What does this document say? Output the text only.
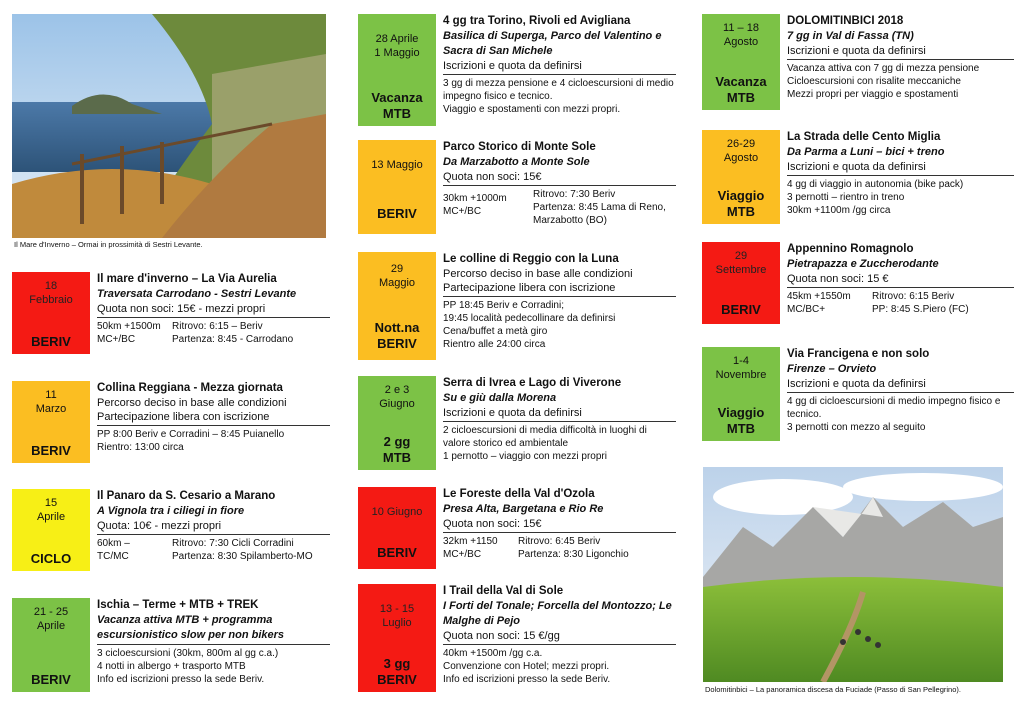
Il Mare d'Inverno – Ormai in prossimità di Sestri Levante.
Dolomitinbici – La panoramica discesa da Fuciade (Passo di San Pellegrino).
18
Febbraio
BERIV
Il mare d'inverno – La Via Aurelia
Traversata Carrodano - Sestri Levante
Quota non soci: 15€ - mezzi propri
50km +1500m
MC+/BC
Ritrovo: 6:15 – Beriv
Partenza: 8:45 - Carrodano
11
Marzo
BERIV
Collina Reggiana - Mezza giornata
Percorso deciso in base alle condizioni
Partecipazione libera con iscrizione
PP 8:00 Beriv e Corradini – 8:45 Puianello
Rientro: 13:00 circa
15
Aprile
CICLO
Il Panaro da S. Cesario a Marano
A Vignola tra i ciliegi in fiore
Quota: 10€ - mezzi propri
60km –
TC/MC
Ritrovo: 7:30 Cicli Corradini
Partenza: 8:30 Spilamberto-MO
21 - 25
Aprile
BERIV
Ischia – Terme + MTB + TREK
Vacanza attiva MTB + programma escursionistico slow per non bikers
3 cicloescursioni (30km, 800m al gg c.a.)
4 notti in albergo + trasporto MTB
Info ed iscrizioni presso la sede Beriv.
28 Aprile
1 Maggio
Vacanza
MTB
4 gg tra Torino, Rivoli ed Avigliana
Basilica di Superga, Parco del Valentino e Sacra di San Michele
Iscrizioni e quota da definirsi
3 gg di mezza pensione e 4 cicloescursioni di medio impegno fisico e tecnico.
Viaggio e spostamenti con mezzi propri.
13 Maggio
BERIV
Parco Storico di Monte Sole
Da Marzabotto a Monte Sole
Quota non soci: 15€
30km +1000m
MC+/BC
Ritrovo: 7:30 Beriv
Partenza: 8:45 Lama di Reno, Marzabotto (BO)
29
Maggio
Nott.na
BERIV
Le colline di Reggio con la Luna
Percorso deciso in base alle condizioni
Partecipazione libera con iscrizione
PP 18:45 Beriv e Corradini;
19:45 località pedecollinare da definirsi
Cena/buffet a metà giro
Rientro alle 24:00 circa
2 e 3
Giugno
2 gg
MTB
Serra di Ivrea e Lago di Viverone
Su e giù dalla Morena
Iscrizioni e quota da definirsi
2 cicloescursioni di media difficoltà in luoghi di valore storico ed ambientale
1 pernotto – viaggio con mezzi propri
10 Giugno
BERIV
Le Foreste della Val d'Ozola
Presa Alta, Bargetana e Rio Re
Quota non soci: 15€
32km +1150
MC+/BC
Ritrovo: 6:45 Beriv
Partenza: 8:30 Ligonchio
13 - 15
Luglio
3 gg
BERIV
I Trail della Val di Sole
I Forti del Tonale; Forcella del Montozzo; Le Malghe di Pejo
Quota non soci: 15 €/gg
40km +1500m /gg c.a.
Convenzione con Hotel; mezzi propri.
Info ed iscrizioni presso la sede Beriv.
11 – 18
Agosto
Vacanza
MTB
DOLOMITINBICI 2018
7 gg in Val di Fassa (TN)
Iscrizioni e quota da definirsi
Vacanza attiva con 7 gg di mezza pensione
Cicloescursioni con risalite meccaniche
Mezzi propri per viaggio e spostamenti
26-29
Agosto
Viaggio
MTB
La Strada delle Cento Miglia
Da Parma a Luni – bici + treno
Iscrizioni e quota da definirsi
4 gg di viaggio in autonomia (bike pack)
3 pernotti – rientro in treno
30km +1100m /gg circa
29
Settembre
BERIV
Appennino Romagnolo
Pietrapazza e Zuccherodante
Quota non soci: 15 €
45km +1550m
MC/BC+
Ritrovo: 6:15 Beriv
PP: 8:45 S.Piero (FC)
1-4
Novembre
Viaggio
MTB
Via Francigena e non solo
Firenze – Orvieto
Iscrizioni e quota da definirsi
4 gg di cicloescursioni di medio impegno fisico e tecnico.
3 pernotti con mezzo al seguito
